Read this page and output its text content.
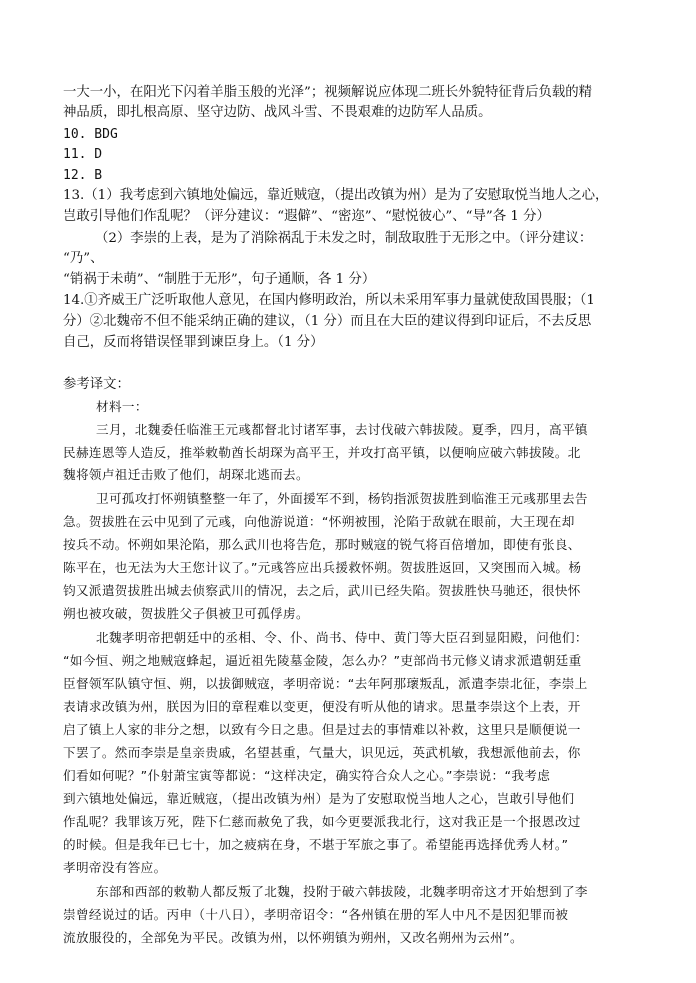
一大一小，在阳光下闪着羊脂玉般的光泽”；视频解说应体现二班长外貌特征背后负载的精
神品质，即扎根高原、坚守边防、战风斗雪、不畏艰难的边防军人品质。
10. BDG
11. D
12. B
13.（1）我考虑到六镇地处偏远，靠近贼寇，（提出改镇为州）是为了安慰取悦当地人之心，
岂敢引导他们作乱呢？（评分建议：“遐僻”、“密迩”、“慰悦彼心”、“导”各 1 分）
（2）李崇的上表，是为了消除祸乱于未发之时，制敌取胜于无形之中。（评分建议：
“乃”、
“销祸于未萌”、“制胜于无形”，句子通顺，各 1 分）
14.①齐威王广泛听取他人意见，在国内修明政治，所以未采用军事力量就使敌国畏服；（1
分）②北魏帝不但不能采纳正确的建议，（1 分）而且在大臣的建议得到印证后，不去反思
自己，反而将错误怪罪到谏臣身上。（1 分）
参考译文：
材料一：
三月，北魏委任临淮王元彧都督北讨诸军事，去讨伐破六韩拔陵。夏季，四月，高平镇
民赫连恩等人造反，推举敕勒酋长胡琛为高平王，并攻打高平镇，以便响应破六韩拔陵。北
魏将领卢祖迁击败了他们，胡琛北逃而去。
卫可孤攻打怀朔镇整整一年了，外面援军不到，杨钧指派贺拔胜到临淮王元彧那里去告
急。贺拔胜在云中见到了元彧，向他游说道：“怀朔被围，沦陷于敌就在眼前，大王现在却
按兵不动。怀朔如果沦陷，那么武川也将告危，那时贼寇的锐气将百倍增加，即使有张良、
陈平在，也无法为大王您计议了。”元彧答应出兵援救怀朔。贺拔胜返回，又突围而入城。杨
钧又派遣贺拔胜出城去侦察武川的情况，去之后，武川已经失陷。贺拔胜快马驰还，很快怀
朔也被攻破，贺拔胜父子俱被卫可孤俘虏。
北魏孝明帝把朝廷中的丞相、令、仆、尚书、侍中、黄门等大臣召到显阳殿，问他们：
“如今恒、朔之地贼寇蜂起，逼近祖先陵墓金陵，怎么办？”吏部尚书元修义请求派遣朝廷重
臣督领军队镇守恒、朔，以拔御贼寇，孝明帝说：“去年阿那瓌叛乱，派遣李崇北征，李崇上
表请求改镇为州，朕因为旧的章程难以变更，便没有听从他的请求。思量李崇这个上表，开
启了镇上人家的非分之想，以致有今日之患。但是过去的事情难以补救，这里只是顺便说一
下罢了。然而李崇是皇亲贵戚，名望甚重，气量大，识见远，英武机敏，我想派他前去，你
们看如何呢？”仆射萧宝寅等都说：“这样决定，确实符合众人之心。”李崇说：“我考虑
到六镇地处偏远，靠近贼寇，（提出改镇为州）是为了安慰取悦当地人之心，岂敢引导他们
作乱呢？我罪该万死，陛下仁慈而赦免了我，如今更要派我北行，这对我正是一个报恩改过
的时候。但是我年已七十，加之疲病在身，不堪于军旅之事了。希望能再选择优秀人材。”
孝明帝没有答应。
东部和西部的敕勒人都反叛了北魏，投附于破六韩拔陵，北魏孝明帝这才开始想到了李
崇曾经说过的话。丙申（十八日），孝明帝诏令：“各州镇在册的军人中凡不是因犯罪而被
流放服役的，全部免为平民。改镇为州，以怀朔镇为朔州，又改名朔州为云州”。
